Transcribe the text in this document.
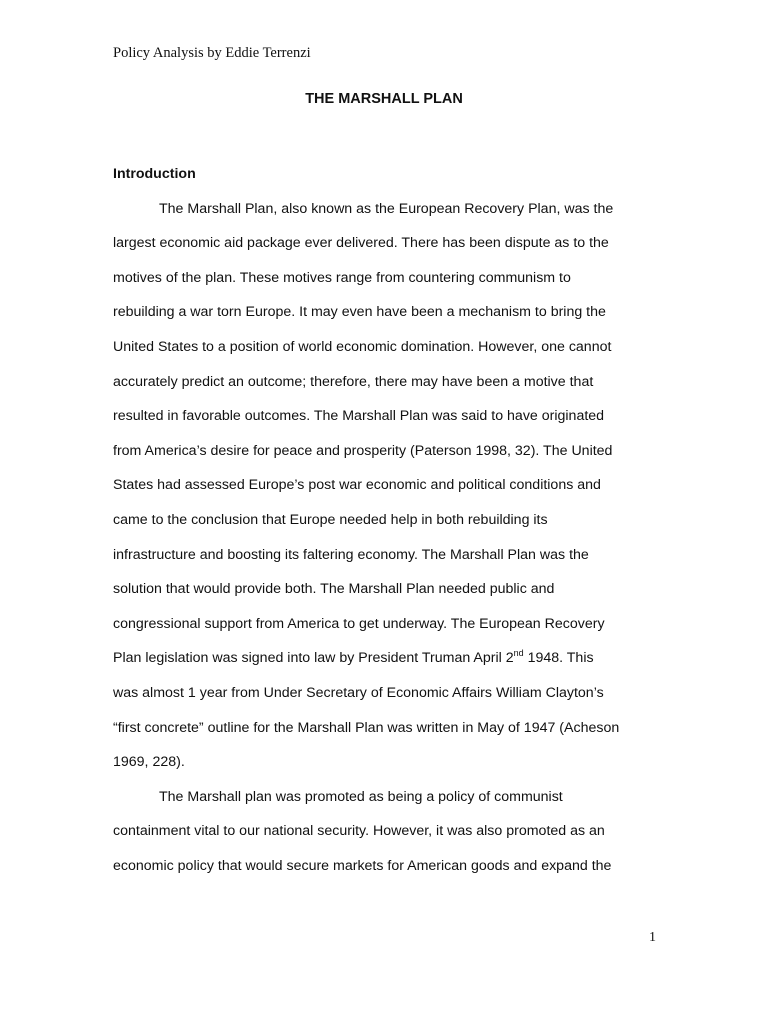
Policy Analysis by Eddie Terrenzi
THE MARSHALL PLAN
Introduction
The Marshall Plan, also known as the European Recovery Plan, was the
largest economic aid package ever delivered. There has been dispute as to the
motives of the plan. These motives range from countering communism to
rebuilding a war torn Europe. It may even have been a mechanism to bring the
United States to a position of world economic domination. However, one cannot
accurately predict an outcome; therefore, there may have been a motive that
resulted in favorable outcomes. The Marshall Plan was said to have originated
from America’s desire for peace and prosperity (Paterson 1998, 32). The United
States had assessed Europe’s post war economic and political conditions and
came to the conclusion that Europe needed help in both rebuilding its
infrastructure and boosting its faltering economy. The Marshall Plan was the
solution that would provide both. The Marshall Plan needed public and
congressional support from America to get underway. The European Recovery
Plan legislation was signed into law by President Truman April 2nd 1948. This
was almost 1 year from Under Secretary of Economic Affairs William Clayton’s
“first concrete” outline for the Marshall Plan was written in May of 1947 (Acheson
1969, 228).
The Marshall plan was promoted as being a policy of communist
containment vital to our national security. However, it was also promoted as an
economic policy that would secure markets for American goods and expand the
1
